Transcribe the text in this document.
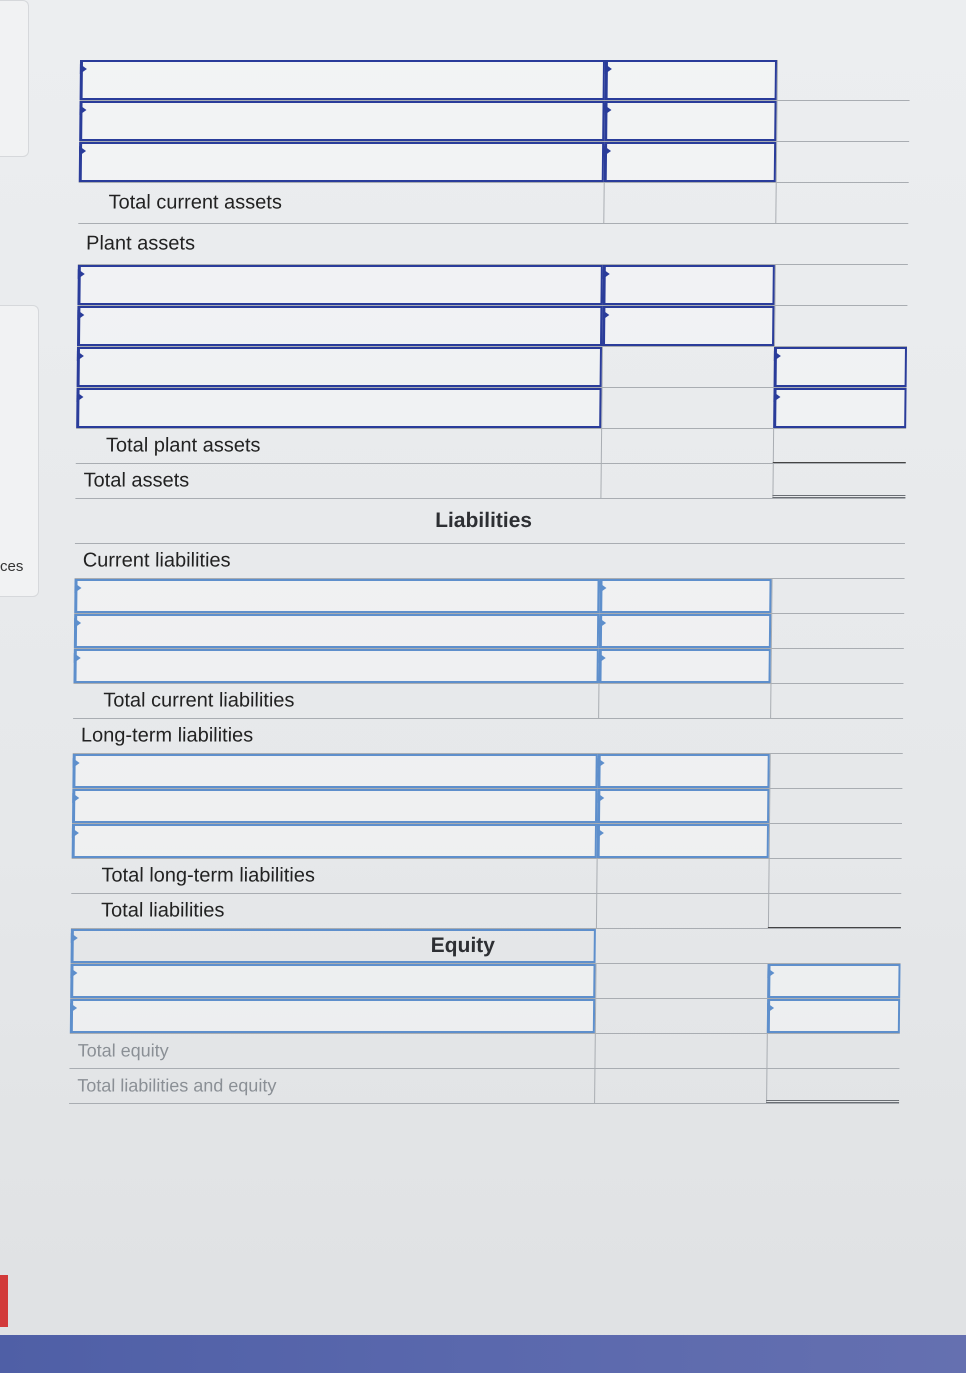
ces
Total current assets
Plant assets
Total plant assets
Total assets
Liabilities
Current liabilities
Total current liabilities
Long-term liabilities
Total long-term liabilities
Total liabilities
Equity
Total equity
Total liabilities and equity
